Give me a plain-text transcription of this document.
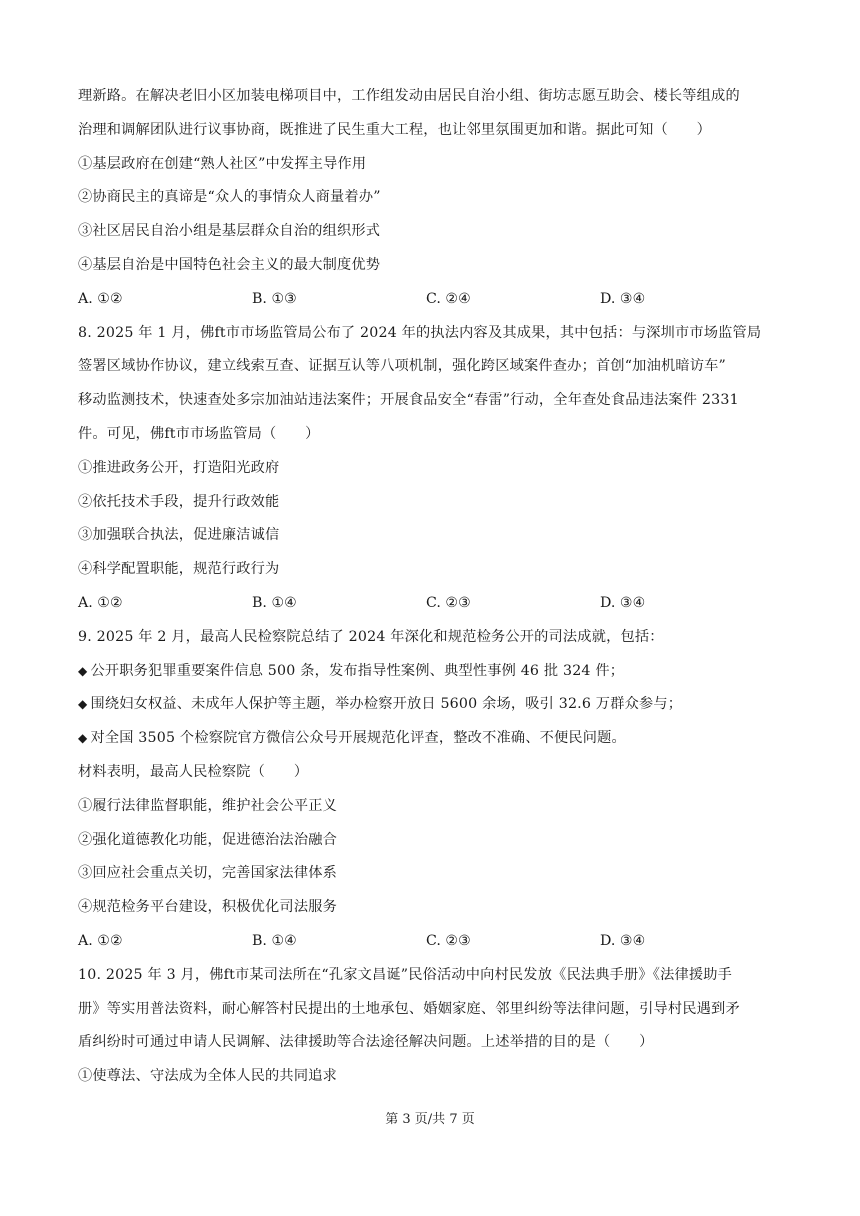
理新路。在解决老旧小区加装电梯项目中，工作组发动由居民自治小组、街坊志愿互助会、楼长等组成的
治理和调解团队进行议事协商，既推进了民生重大工程，也让邻里氛围更加和谐。据此可知（　　）
①基层政府在创建“熟人社区”中发挥主导作用
②协商民主的真谛是“众人的事情众人商量着办”
③社区居民自治小组是基层群众自治的组织形式
④基层自治是中国特色社会主义的最大制度优势
A. ①②	B. ①③	C. ②④	D. ③④
8. 2025 年 1 月，佛ft市市场监管局公布了 2024 年的执法内容及其成果，其中包括：与深圳市市场监管局
签署区域协作协议，建立线索互查、证据互认等八项机制，强化跨区域案件查办；首创“加油机暗访车”
移动监测技术，快速查处多宗加油站违法案件；开展食品安全“春雷”行动，全年查处食品违法案件 2331
件。可见，佛ft市市场监管局（　　）
①推进政务公开，打造阳光政府
②依托技术手段，提升行政效能
③加强联合执法，促进廉洁诚信
④科学配置职能，规范行政行为
A. ①②	B. ①④	C. ②③	D. ③④
9. 2025 年 2 月，最高人民检察院总结了 2024 年深化和规范检务公开的司法成就，包括：
◆ 公开职务犯罪重要案件信息 500 条，发布指导性案例、典型性事例 46 批 324 件；
◆ 围绕妇女权益、未成年人保护等主题，举办检察开放日 5600 余场，吸引 32.6 万群众参与；
◆ 对全国 3505 个检察院官方微信公众号开展规范化评查，整改不准确、不便民问题。
材料表明，最高人民检察院（　　）
①履行法律监督职能，维护社会公平正义
②强化道德教化功能，促进德治法治融合
③回应社会重点关切，完善国家法律体系
④规范检务平台建设，积极优化司法服务
A. ①②	B. ①④	C. ②③	D. ③④
10. 2025 年 3 月，佛ft市某司法所在“孔家文昌诞”民俗活动中向村民发放《民法典手册》《法律援助手
册》等实用普法资料，耐心解答村民提出的土地承包、婚姻家庭、邻里纠纷等法律问题，引导村民遇到矛
盾纠纷时可通过申请人民调解、法律援助等合法途径解决问题。上述举措的目的是（　　）
①使尊法、守法成为全体人民的共同追求
第 3 页/共 7 页
